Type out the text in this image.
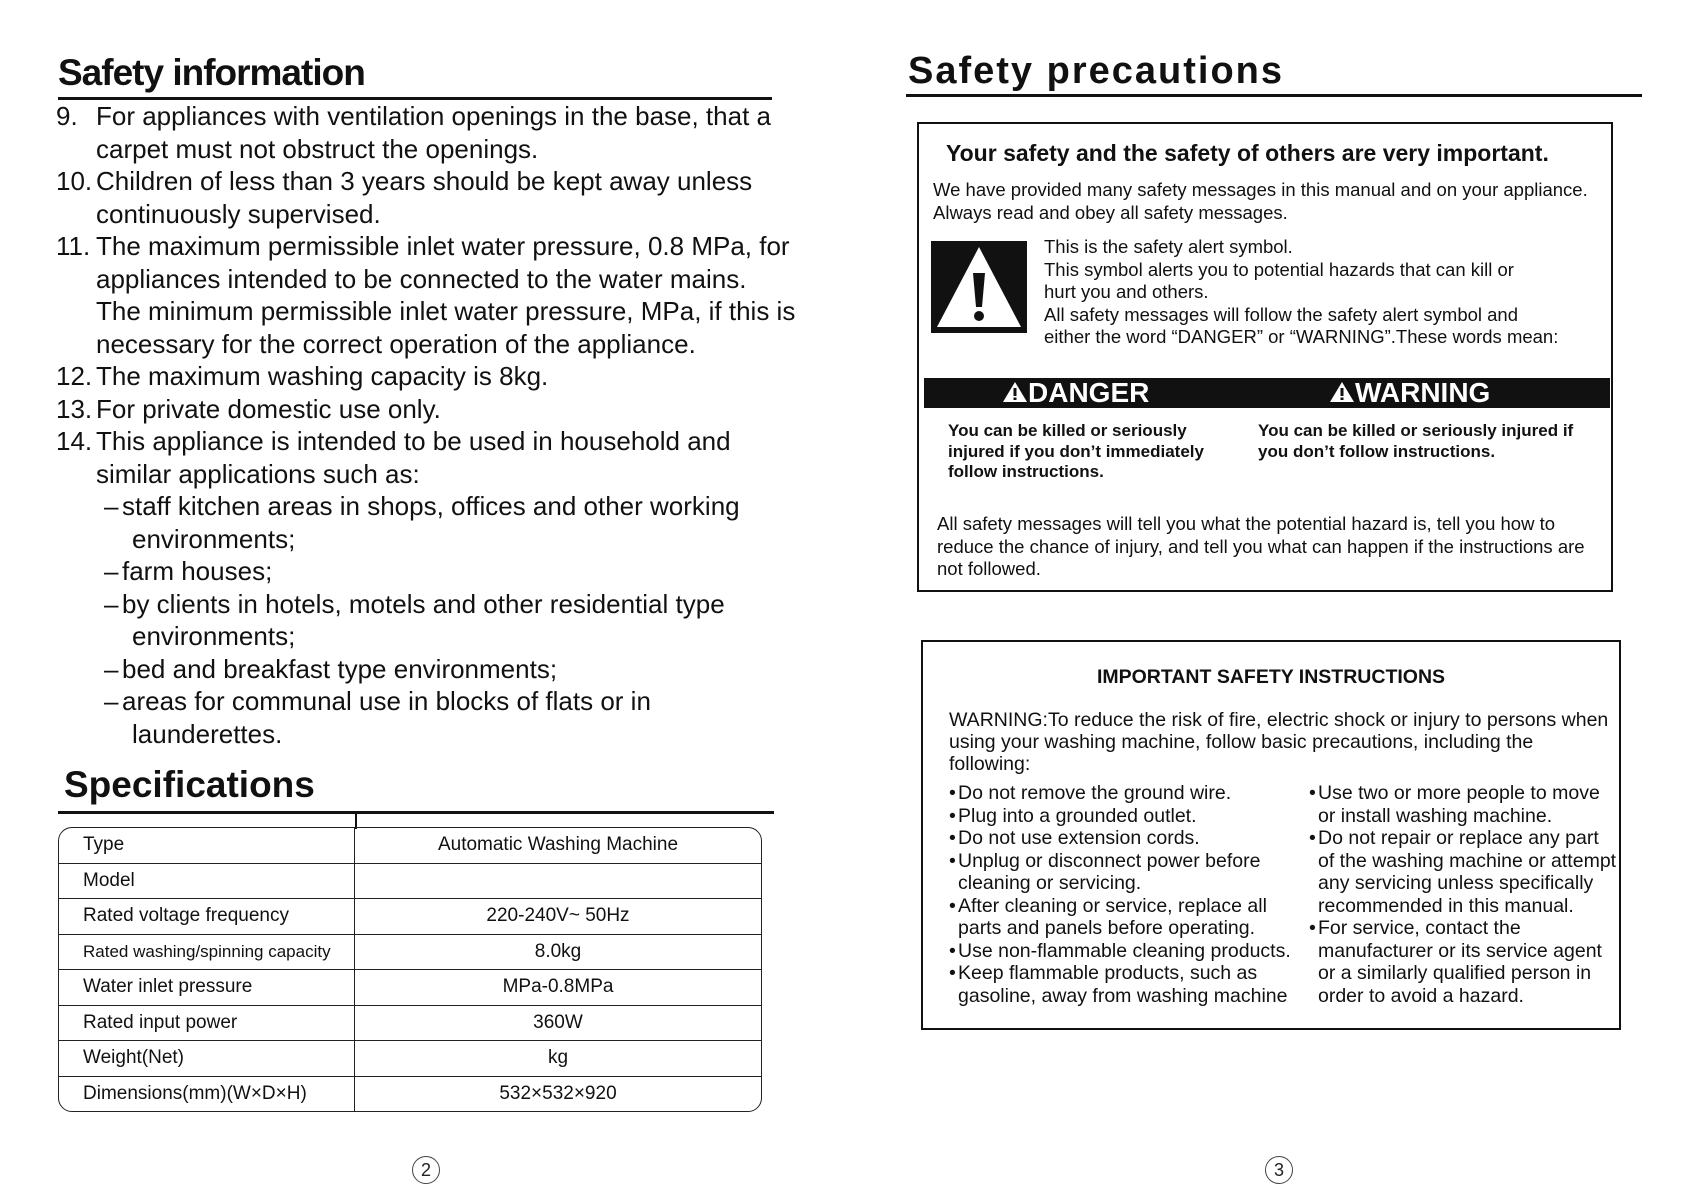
Safety information
9. For appliances with ventilation openings in the base, that a carpet must not obstruct the openings.
10. Children of less than 3 years should be kept away unless continuously supervised.
11. The maximum permissible inlet water pressure, 0.8 MPa, for appliances intended to be connected to the water mains. The minimum permissible inlet water pressure, MPa, if this is necessary for the correct operation of the appliance.
12. The maximum washing capacity is 8kg.
13. For private domestic use only.
14. This appliance is intended to be used in household and similar applications such as:
– staff kitchen areas in shops, offices and other working
environments;
– farm houses;
– by clients in hotels, motels and other residential type
environments;
– bed and breakfast type environments;
– areas for communal use in blocks of flats or in
launderettes.
Specifications
Type	Automatic Washing Machine
Model
Rated voltage frequency	220-240V~ 50Hz
Rated washing/spinning capacity	8.0kg
Water inlet pressure	MPa-0.8MPa
Rated input power	360W
Weight(Net)	kg
Dimensions(mm)(W×D×H)	532×532×920
2
Safety precautions
Your safety and the safety of others are very important.
We have provided many safety messages in this manual and on your appliance. Always read and obey all safety messages.
This is the safety alert symbol.
This symbol alerts you to potential hazards that can kill or
hurt you and others.
All safety messages will follow the safety alert symbol and
either the word “DANGER” or “WARNING”.These words mean:
DANGER	WARNING
You can be killed or seriously injured if you don’t immediately follow instructions.
You can be killed or seriously injured if you don’t follow instructions.
All safety messages will tell you what the potential hazard is, tell you how to reduce the chance of injury, and tell you what can happen if the instructions are not followed.
IMPORTANT SAFETY INSTRUCTIONS
WARNING:To reduce the risk of fire, electric shock or injury to persons when using your washing machine, follow basic precautions, including the following:
• Do not remove the ground wire.
• Plug into a grounded outlet.
• Do not use extension cords.
• Unplug or disconnect power before cleaning or servicing.
• After cleaning or service, replace all parts and panels before operating.
• Use non-flammable cleaning products.
• Keep flammable products, such as gasoline, away from washing machine
• Use two or more people to move or install washing machine.
• Do not repair or replace any part of the washing machine or attempt any servicing unless specifically recommended in this manual.
• For service, contact the manufacturer or its service agent or a similarly qualified person in order to avoid a hazard.
3
